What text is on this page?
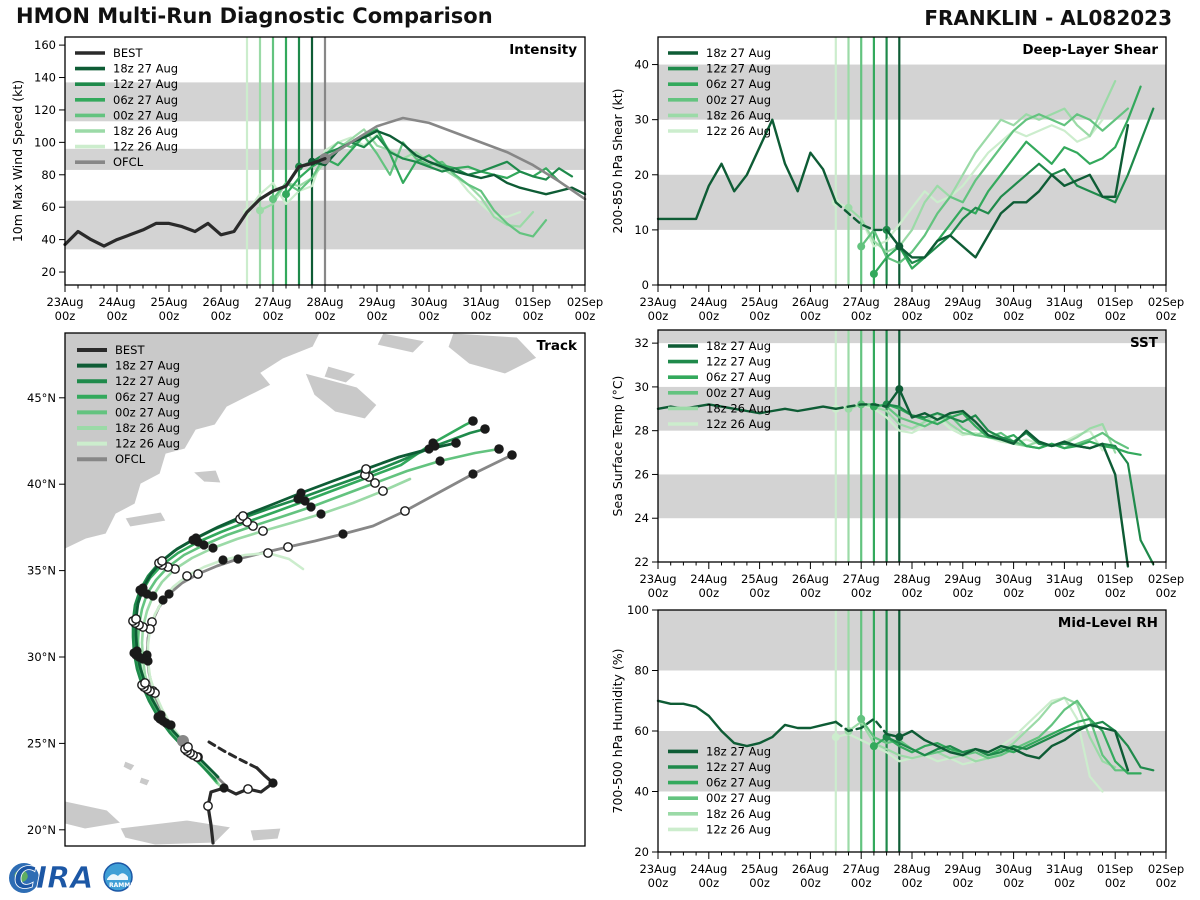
HMON Multi-Run Diagnostic Comparison	FRANKLIN - AL082023
20
40
60
80
100
120
140
160
23Aug
00z
24Aug
00z
25Aug
00z
26Aug
00z
27Aug
00z
28Aug
00z
29Aug
00z
30Aug
00z
31Aug
00z
01Sep
00z
02Sep
00z
10m Max Wind Speed (kt)
Intensity
BEST
18z 27 Aug
12z 27 Aug
06z 27 Aug
00z 27 Aug
18z 26 Aug
12z 26 Aug
OFCL
20°N
25°N
30°N
35°N
40°N
45°N
Track
BEST
18z 27 Aug
12z 27 Aug
06z 27 Aug
00z 27 Aug
18z 26 Aug
12z 26 Aug
OFCL
0
10
20
30
40
23Aug
00z
24Aug
00z
25Aug
00z
26Aug
00z
27Aug
00z
28Aug
00z
29Aug
00z
30Aug
00z
31Aug
00z
01Sep
00z
02Sep
00z
200-850 hPa Shear (kt)
Deep-Layer Shear
18z 27 Aug
12z 27 Aug
06z 27 Aug
00z 27 Aug
18z 26 Aug
12z 26 Aug
22
24
26
28
30
32
23Aug
00z
24Aug
00z
25Aug
00z
26Aug
00z
27Aug
00z
28Aug
00z
29Aug
00z
30Aug
00z
31Aug
00z
01Sep
00z
02Sep
00z
Sea Surface Temp (°C)
SST
18z 27 Aug
12z 27 Aug
06z 27 Aug
00z 27 Aug
18z 26 Aug
12z 26 Aug
20
40
60
80
100
23Aug
00z
24Aug
00z
25Aug
00z
26Aug
00z
27Aug
00z
28Aug
00z
29Aug
00z
30Aug
00z
31Aug
00z
01Sep
00z
02Sep
00z
700-500 hPa Humidity (%)
Mid-Level RH
18z 27 Aug
12z 27 Aug
06z 27 Aug
00z 27 Aug
18z 26 Aug
12z 26 Aug
CIRA	RAMMB
